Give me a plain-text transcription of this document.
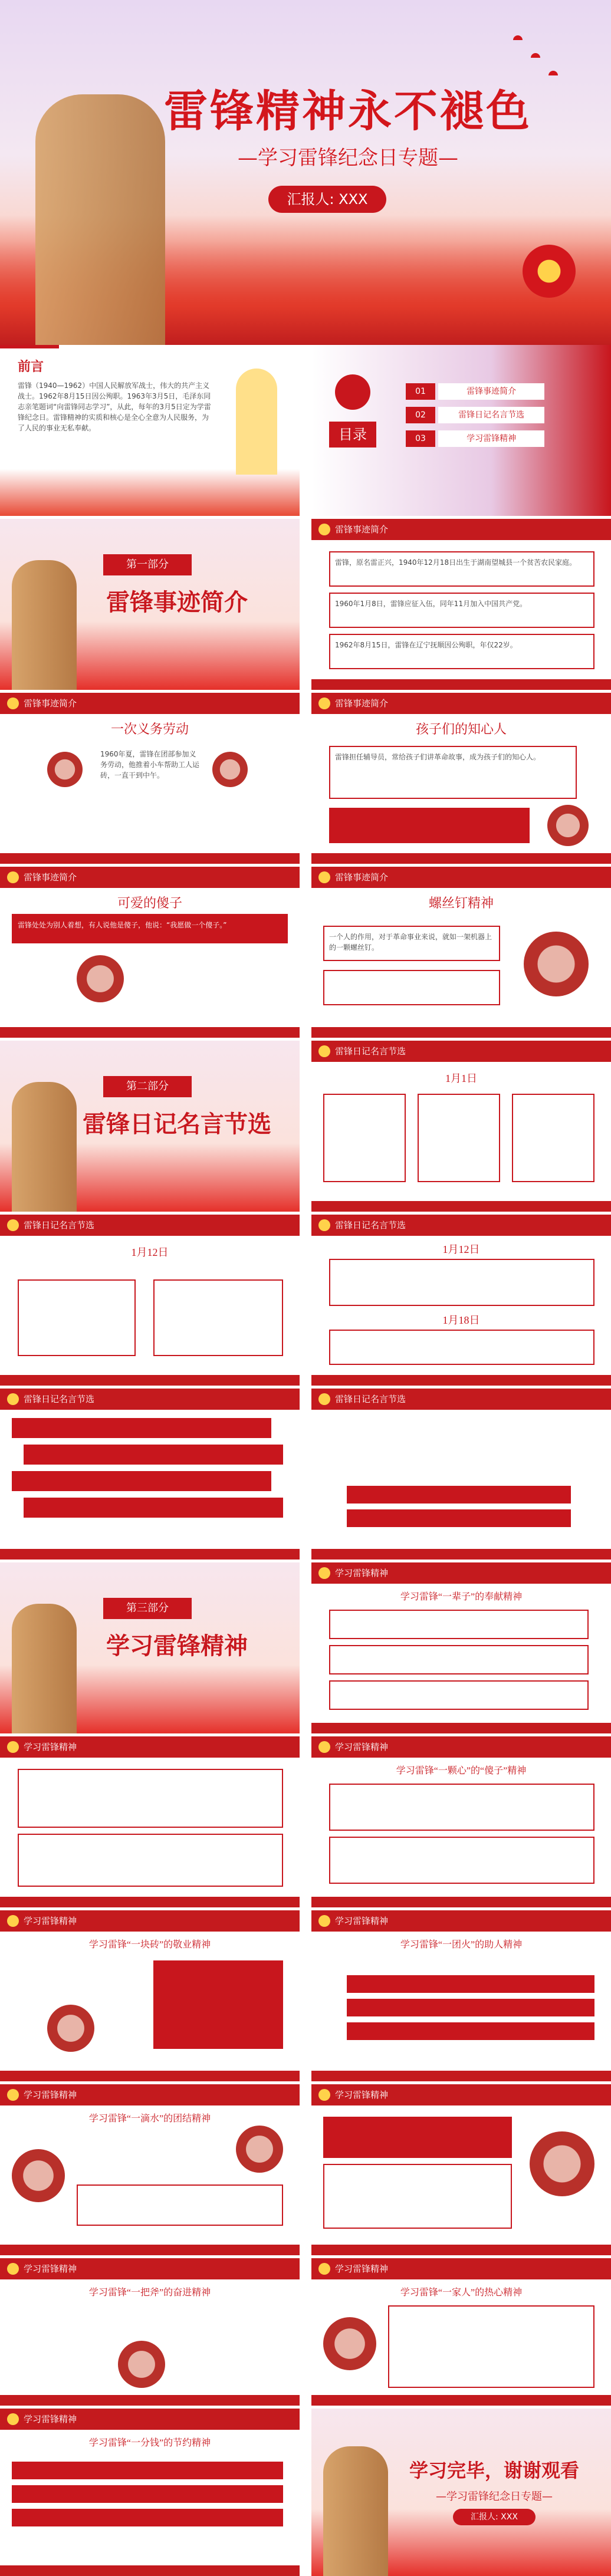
雷锋精神永不褪色
—学习雷锋纪念日专题—
汇报人: XXX
前言
雷锋（1940—1962）中国人民解放军战士，伟大的共产主义战士。1962年8月15日因公殉职。1963年3月5日，毛泽东同志亲笔题词“向雷锋同志学习”，从此，每年的3月5日定为学雷锋纪念日。雷锋精神的实质和核心是全心全意为人民服务，为了人民的事业无私奉献。	目录
01	雷锋事迹简介
02	雷锋日记名言节选
03	学习雷锋精神
第一部分
雷锋事迹简介
雷锋事迹简介
雷锋，原名雷正兴，1940年12月18日出生于湖南望城县一个贫苦农民家庭。
1960年1月8日，雷锋应征入伍，同年11月加入中国共产党。
1962年8月15日，雷锋在辽宁抚顺因公殉职，年仅22岁。
雷锋事迹简介
一次义务劳动
1960年夏，雷锋在团部参加义务劳动，他推着小车帮助工人运砖，一直干到中午。
雷锋事迹简介
孩子们的知心人
雷锋担任辅导员，常给孩子们讲革命故事，成为孩子们的知心人。
雷锋事迹简介
可爱的傻子
雷锋处处为别人着想，有人说他是傻子，他说：“我愿做一个傻子。”
雷锋事迹简介
螺丝钉精神
一个人的作用，对于革命事业来说，就如一架机器上的一颗螺丝钉。
第二部分
雷锋日记名言节选
雷锋日记名言节选
1月1日
雷锋日记名言节选
1月12日
雷锋日记名言节选
1月12日
1月18日
雷锋日记名言节选	雷锋日记名言节选
第三部分
学习雷锋精神
学习雷锋精神
学习雷锋“一辈子”的奉献精神
学习雷锋精神	学习雷锋精神
学习雷锋“一颗心”的“傻子”精神
学习雷锋精神
学习雷锋“一块砖”的敬业精神
学习雷锋精神
学习雷锋“一团火”的助人精神
学习雷锋精神
学习雷锋“一滴水”的团结精神
学习雷锋精神
学习雷锋精神
学习雷锋“一把斧”的奋进精神
学习雷锋精神
学习雷锋“一家人”的热心精神
学习雷锋精神
学习雷锋“一分钱”的节约精神
学习完毕，谢谢观看
—学习雷锋纪念日专题—
汇报人: XXX
